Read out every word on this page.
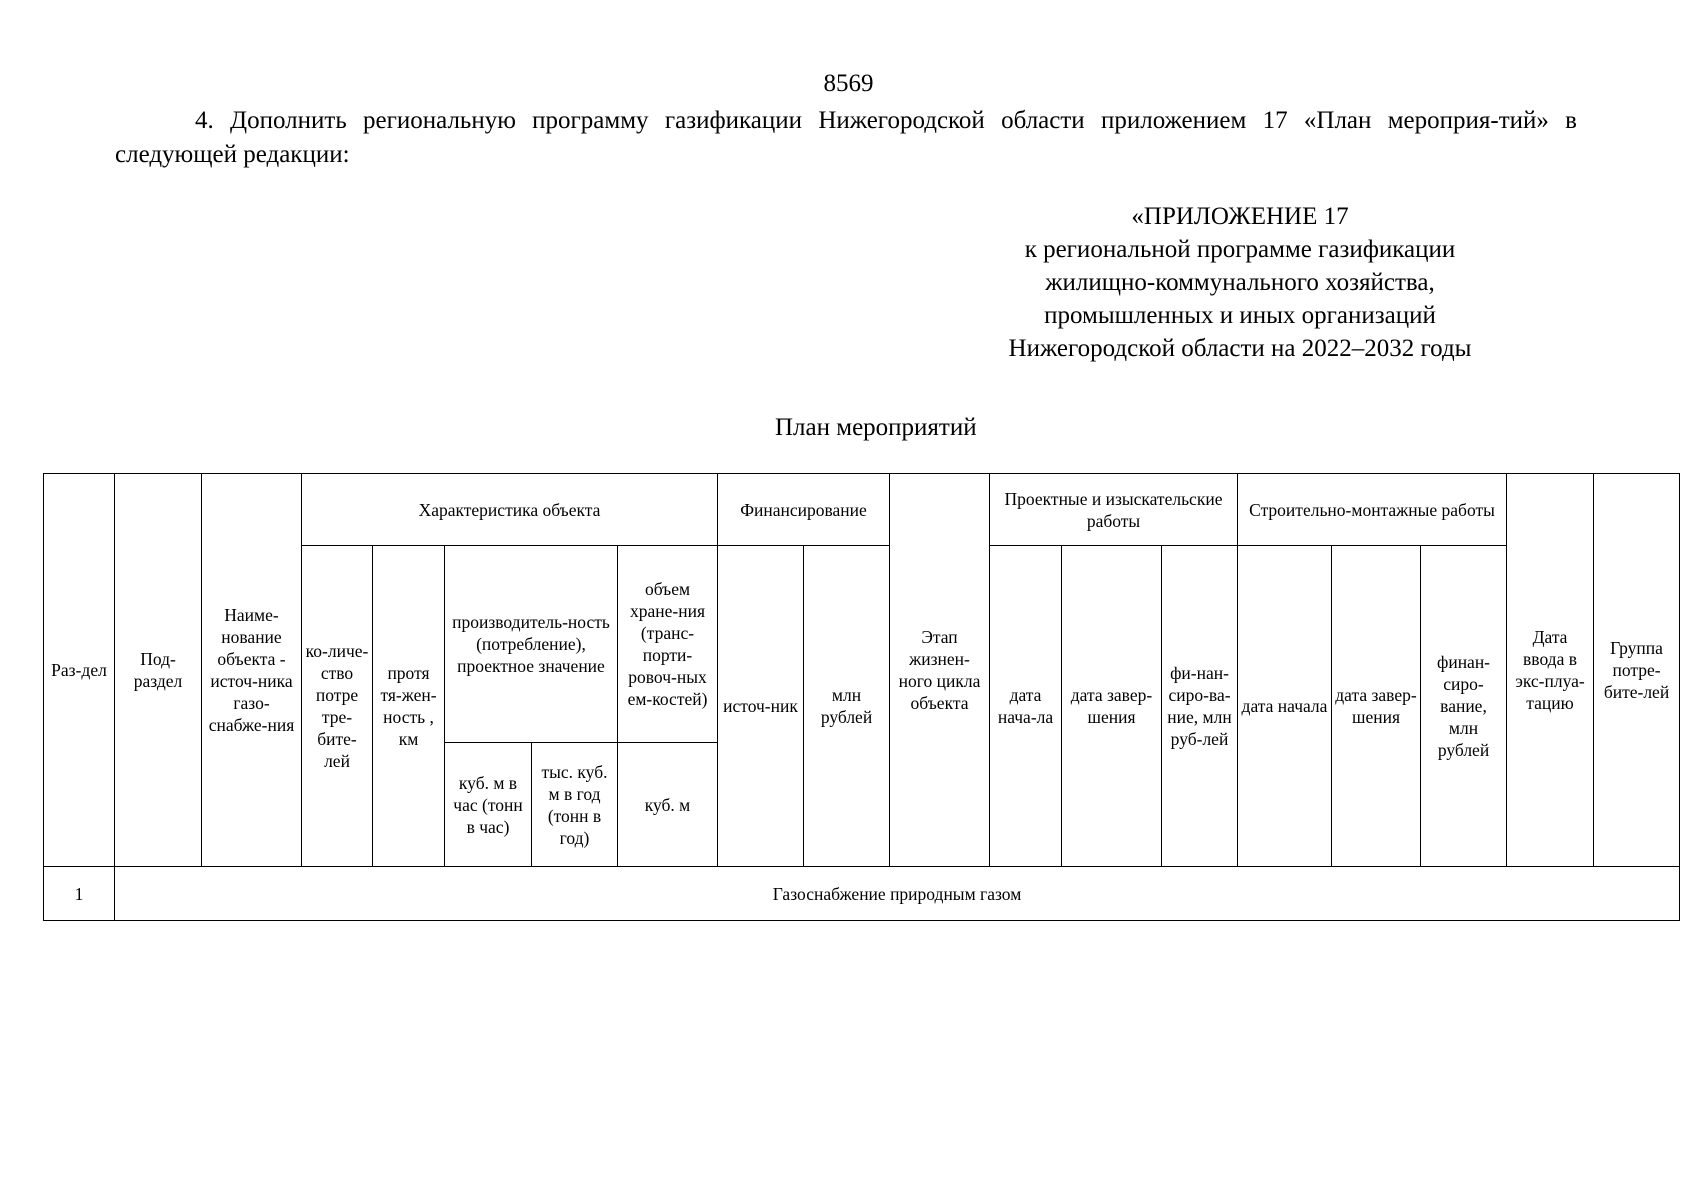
8569
4. Дополнить региональную программу газификации Нижегородской области приложением 17 «План мероприя-тий» в следующей редакции:
«ПРИЛОЖЕНИЕ 17
к региональной программе газификации
жилищно-коммунального хозяйства,
промышленных и иных организаций
Нижегородской области на 2022–2032 годы
План мероприятий
Раз-дел	Под-раздел	Наиме-нование объекта - источ-ника газо-снабже-ния	Характеристика объекта					Финансирование		Этап жизнен-ного цикла объекта	Проектные и изыскательские работы			Строительно-монтажные работы			Дата ввода в экс-плуа-тацию	Группа потре-бите-лей
			ко-личе-ство потре тре-бите-лей	протя тя-жен-ность , км	производитель-ность (потребление), проектное значение		объем хране-ния (транс-порти-ровоч-ных ем-костей)	источ-ник	млн рублей		дата нача-ла	дата завер-шения	фи-нан-сиро-ва-ние, млн руб-лей	дата начала	дата завер-шения	финан-сиро-вание, млн рублей		
					куб. м в час (тонн в час)	тыс. куб. м в год (тонн в год)	куб. м											
1	Газоснабжение природным газом																	
